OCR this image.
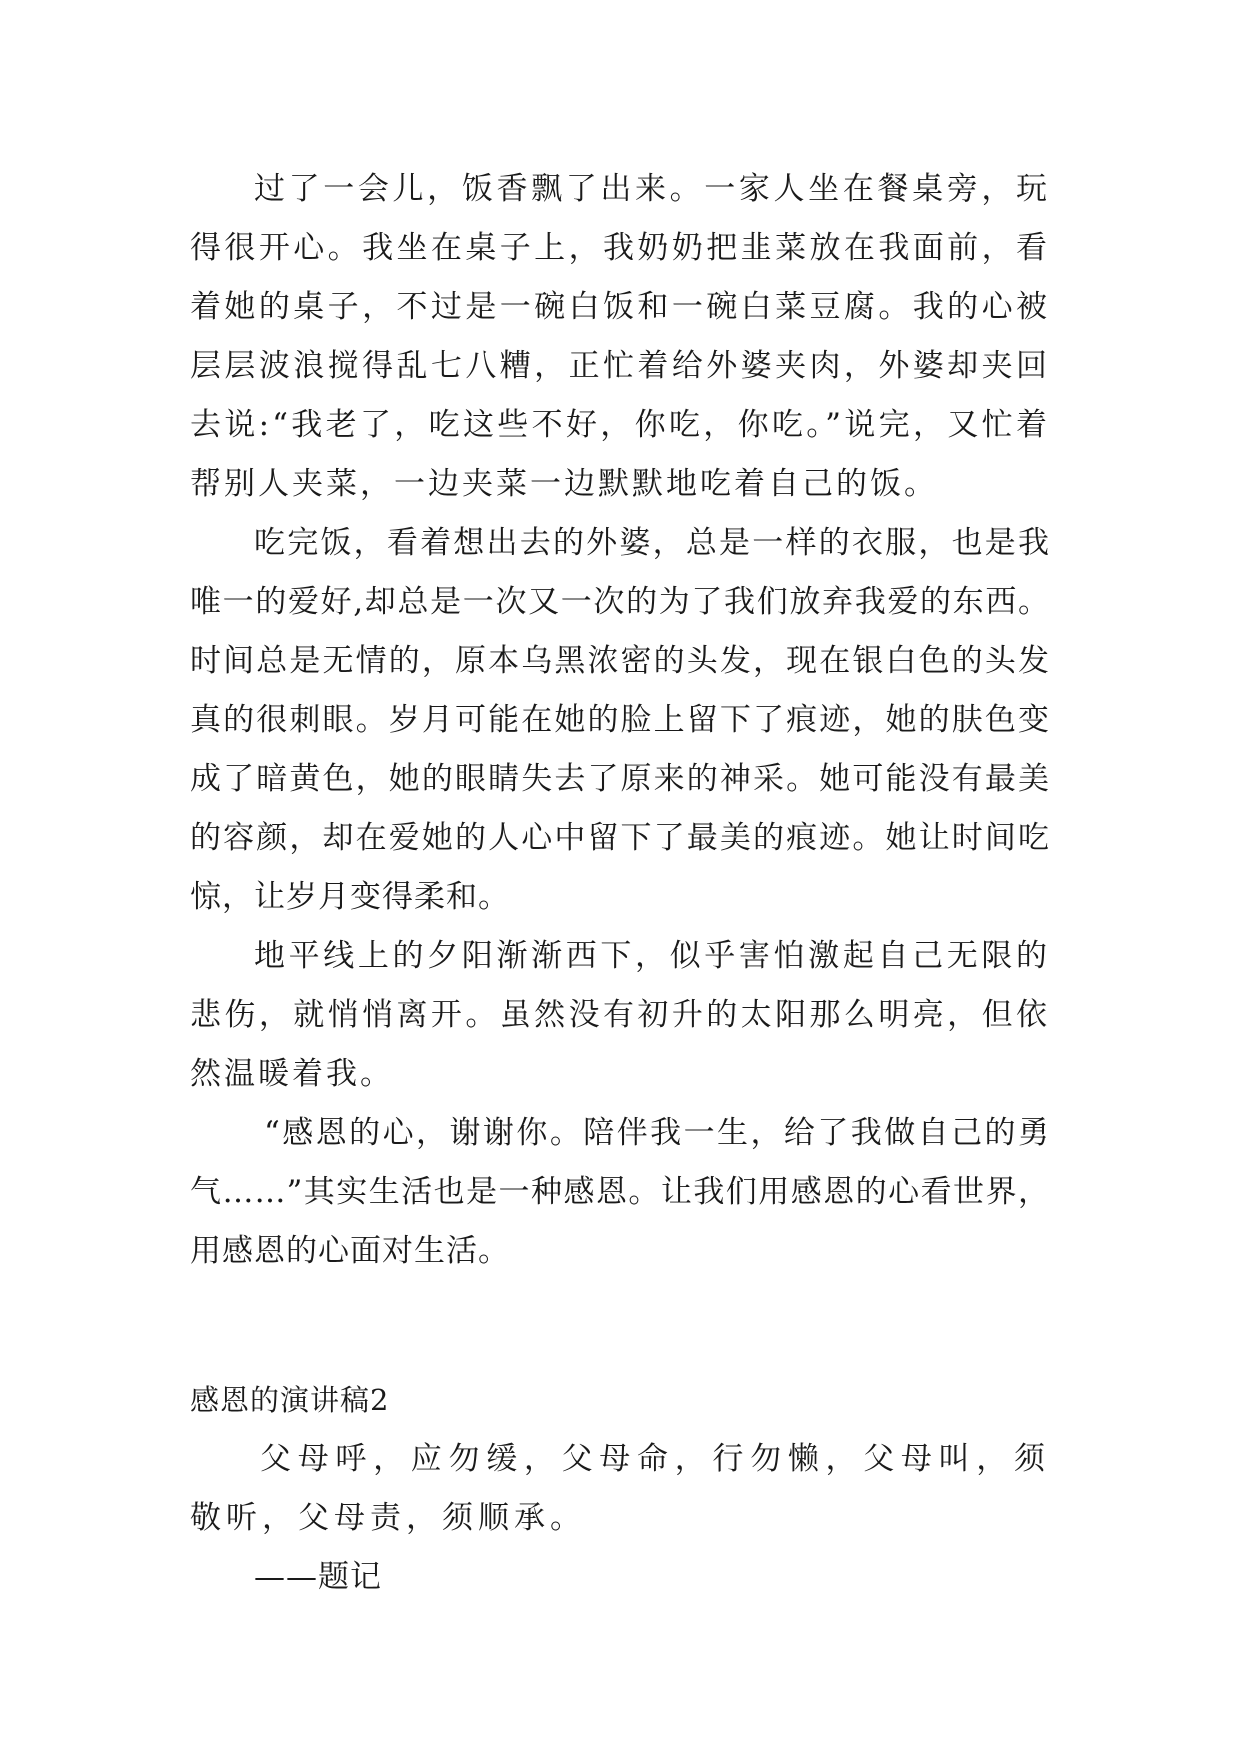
过了一会儿，饭香飘了出来。一家人坐在餐桌旁，玩得很开心。我坐在桌子上，我奶奶把韭菜放在我面前，看着她的桌子，不过是一碗白饭和一碗白菜豆腐。我的心被层层波浪搅得乱七八糟，正忙着给外婆夹肉，外婆却夹回去说:“我老了，吃这些不好，你吃，你吃。”说完，又忙着帮别人夹菜，一边夹菜一边默默地吃着自己的饭。

吃完饭，看着想出去的外婆，总是一样的衣服，也是我唯一的爱好,却总是一次又一次的为了我们放弃我爱的东西。时间总是无情的，原本乌黑浓密的头发，现在银白色的头发真的很刺眼。岁月可能在她的脸上留下了痕迹，她的肤色变成了暗黄色，她的眼睛失去了原来的神采。她可能没有最美的容颜，却在爱她的人心中留下了最美的痕迹。她让时间吃惊，让岁月变得柔和。

地平线上的夕阳渐渐西下，似乎害怕激起自己无限的悲伤，就悄悄离开。虽然没有初升的太阳那么明亮，但依然温暖着我。

“感恩的心，谢谢你。陪伴我一生，给了我做自己的勇气……”其实生活也是一种感恩。让我们用感恩的心看世界，用感恩的心面对生活。

感恩的演讲稿2

父母呼，应勿缓，父母命，行勿懒，父母叫，须敬听，父母责，须顺承。

——题记
